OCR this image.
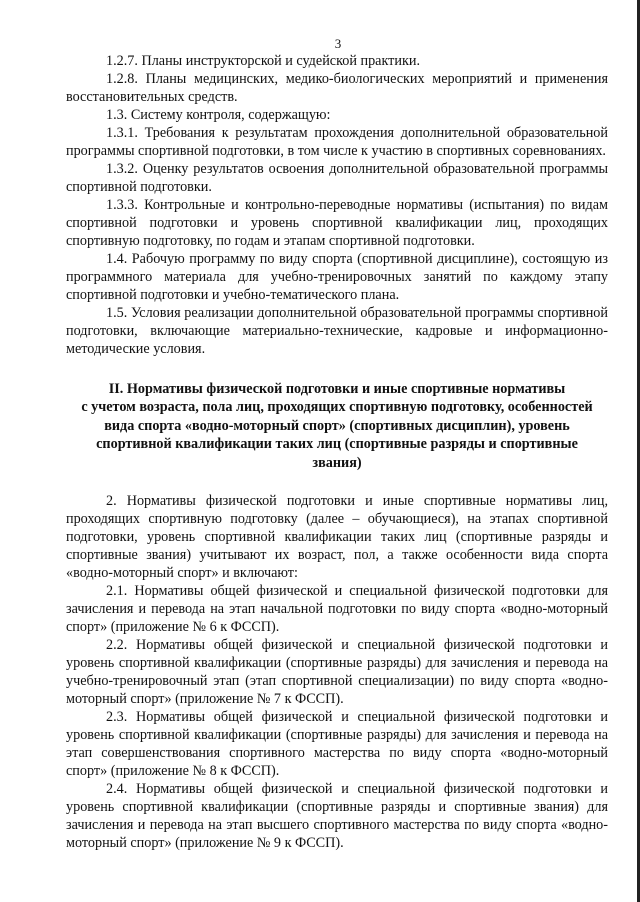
3

1.2.7. Планы инструкторской и судейской практики.

1.2.8. Планы медицинских, медико-биологических мероприятий и применения восстановительных средств.

1.3. Систему контроля, содержащую:

1.3.1. Требования к результатам прохождения дополнительной образовательной программы спортивной подготовки, в том числе к участию в спортивных соревнованиях.

1.3.2. Оценку результатов освоения дополнительной образовательной программы спортивной подготовки.

1.3.3. Контрольные и контрольно-переводные нормативы (испытания) по видам спортивной подготовки и уровень спортивной квалификации лиц, проходящих спортивную подготовку, по годам и этапам спортивной подготовки.

1.4. Рабочую программу по виду спорта (спортивной дисциплине), состоящую из программного материала для учебно-тренировочных занятий по каждому этапу спортивной подготовки и учебно-тематического плана.

1.5. Условия реализации дополнительной образовательной программы спортивной подготовки, включающие материально-технические, кадровые и информационно-методические условия.

II. Нормативы физической подготовки и иные спортивные нормативы
с учетом возраста, пола лиц, проходящих спортивную подготовку, особенностей
вида спорта «водно-моторный спорт» (спортивных дисциплин), уровень
спортивной квалификации таких лиц (спортивные разряды и спортивные
звания)

2. Нормативы физической подготовки и иные спортивные нормативы лиц, проходящих спортивную подготовку (далее – обучающиеся), на этапах спортивной подготовки, уровень спортивной квалификации таких лиц (спортивные разряды и спортивные звания) учитывают их возраст, пол, а также особенности вида спорта «водно-моторный спорт» и включают:

2.1. Нормативы общей физической и специальной физической подготовки для зачисления и перевода на этап начальной подготовки по виду спорта «водно-моторный спорт» (приложение № 6 к ФССП).

2.2. Нормативы общей физической и специальной физической подготовки и уровень спортивной квалификации (спортивные разряды) для зачисления и перевода на учебно-тренировочный этап (этап спортивной специализации) по виду спорта «водно-моторный спорт» (приложение № 7 к ФССП).

2.3. Нормативы общей физической и специальной физической подготовки и уровень спортивной квалификации (спортивные разряды) для зачисления и перевода на этап совершенствования спортивного мастерства по виду спорта «водно-моторный спорт» (приложение № 8 к ФССП).

2.4. Нормативы общей физической и специальной физической подготовки и уровень спортивной квалификации (спортивные разряды и спортивные звания) для зачисления и перевода на этап высшего спортивного мастерства по виду спорта «водно-моторный спорт» (приложение № 9 к ФССП).
